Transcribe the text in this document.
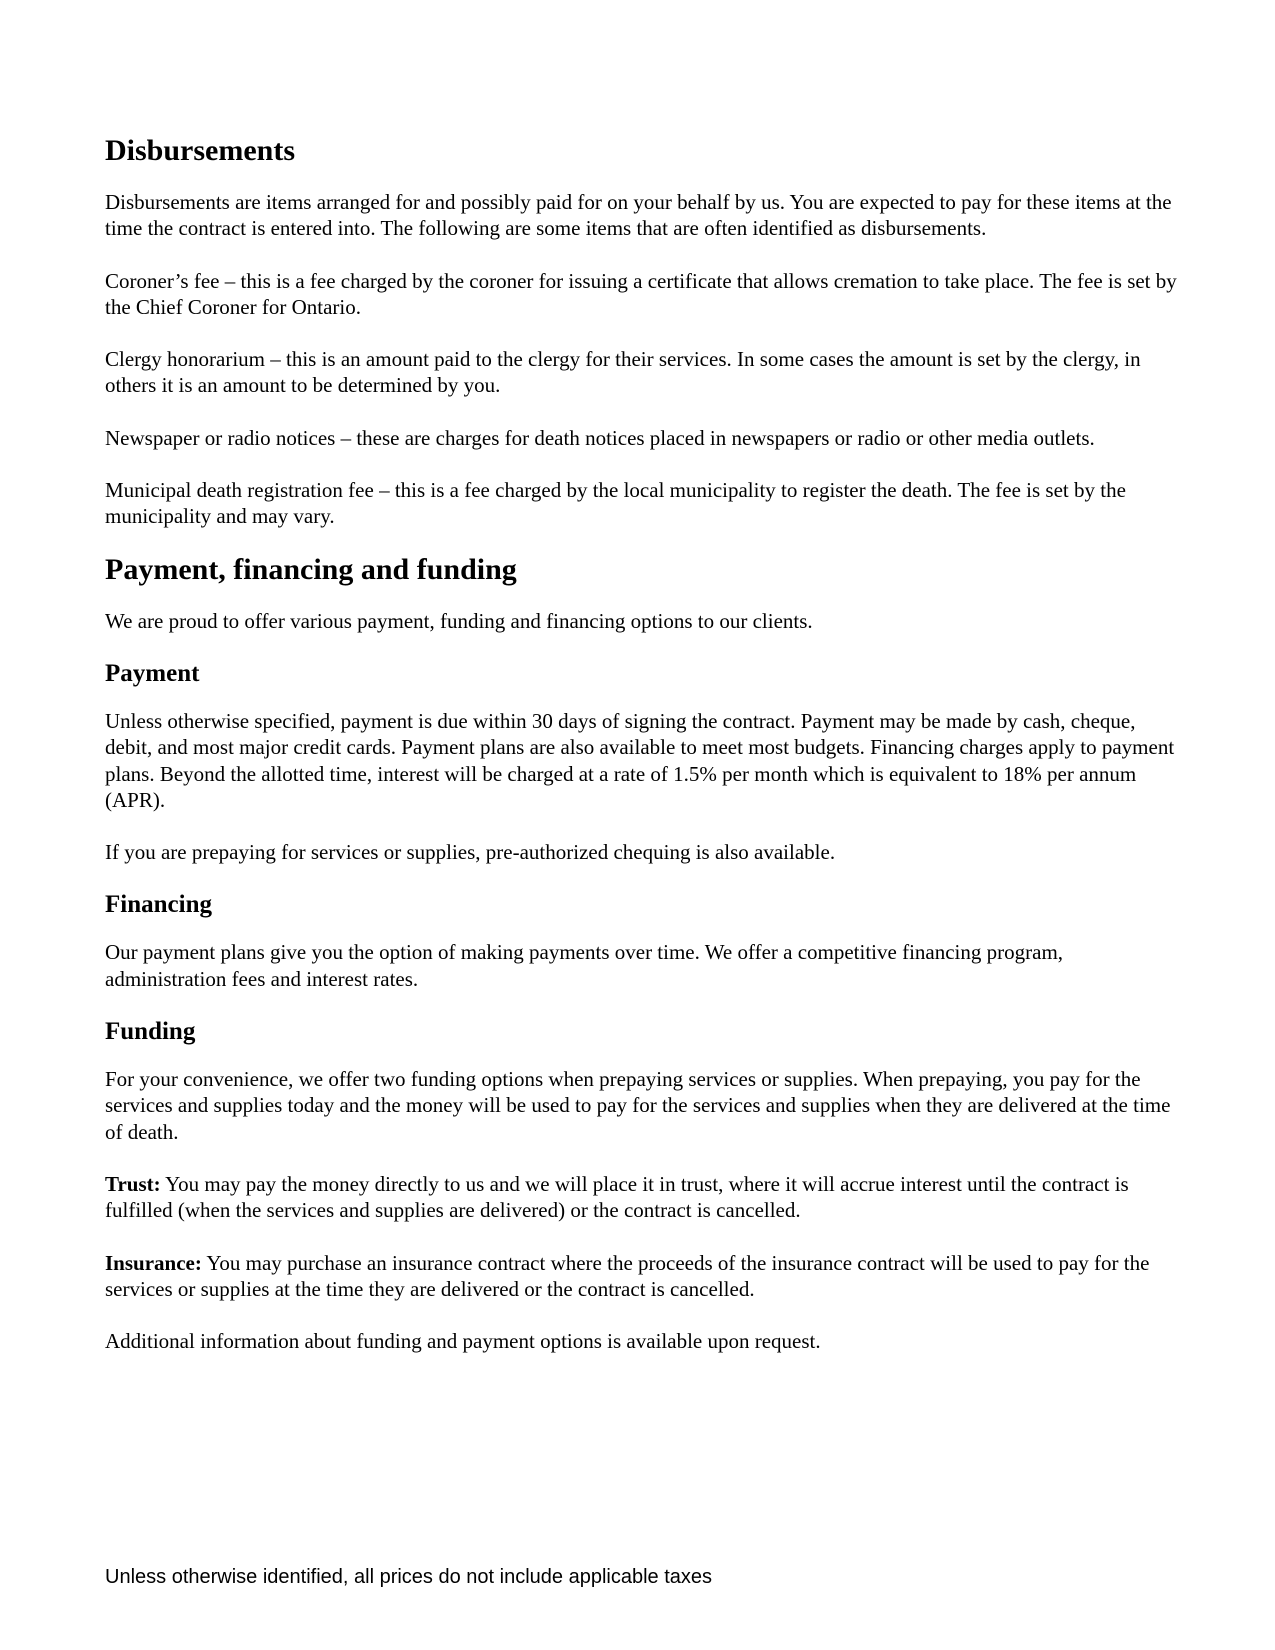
Disbursements

Disbursements are items arranged for and possibly paid for on your behalf by us. You are expected to pay for these items at the time the contract is entered into. The following are some items that are often identified as disbursements.

Coroner’s fee – this is a fee charged by the coroner for issuing a certificate that allows cremation to take place. The fee is set by the Chief Coroner for Ontario.

Clergy honorarium – this is an amount paid to the clergy for their services. In some cases the amount is set by the clergy, in others it is an amount to be determined by you.

Newspaper or radio notices – these are charges for death notices placed in newspapers or radio or other media outlets.

Municipal death registration fee – this is a fee charged by the local municipality to register the death. The fee is set by the municipality and may vary.

Payment, financing and funding

We are proud to offer various payment, funding and financing options to our clients.

Payment

Unless otherwise specified, payment is due within 30 days of signing the contract. Payment may be made by cash, cheque, debit, and most major credit cards. Payment plans are also available to meet most budgets. Financing charges apply to payment plans. Beyond the allotted time, interest will be charged at a rate of 1.5% per month which is equivalent to 18% per annum (APR).

If you are prepaying for services or supplies, pre-authorized chequing is also available.

Financing

Our payment plans give you the option of making payments over time. We offer a competitive financing program, administration fees and interest rates.

Funding

For your convenience, we offer two funding options when prepaying services or supplies. When prepaying, you pay for the services and supplies today and the money will be used to pay for the services and supplies when they are delivered at the time of death.

Trust: You may pay the money directly to us and we will place it in trust, where it will accrue interest until the contract is fulfilled (when the services and supplies are delivered) or the contract is cancelled.

Insurance: You may purchase an insurance contract where the proceeds of the insurance contract will be used to pay for the services or supplies at the time they are delivered or the contract is cancelled.

Additional information about funding and payment options is available upon request.

Unless otherwise identified, all prices do not include applicable taxes
